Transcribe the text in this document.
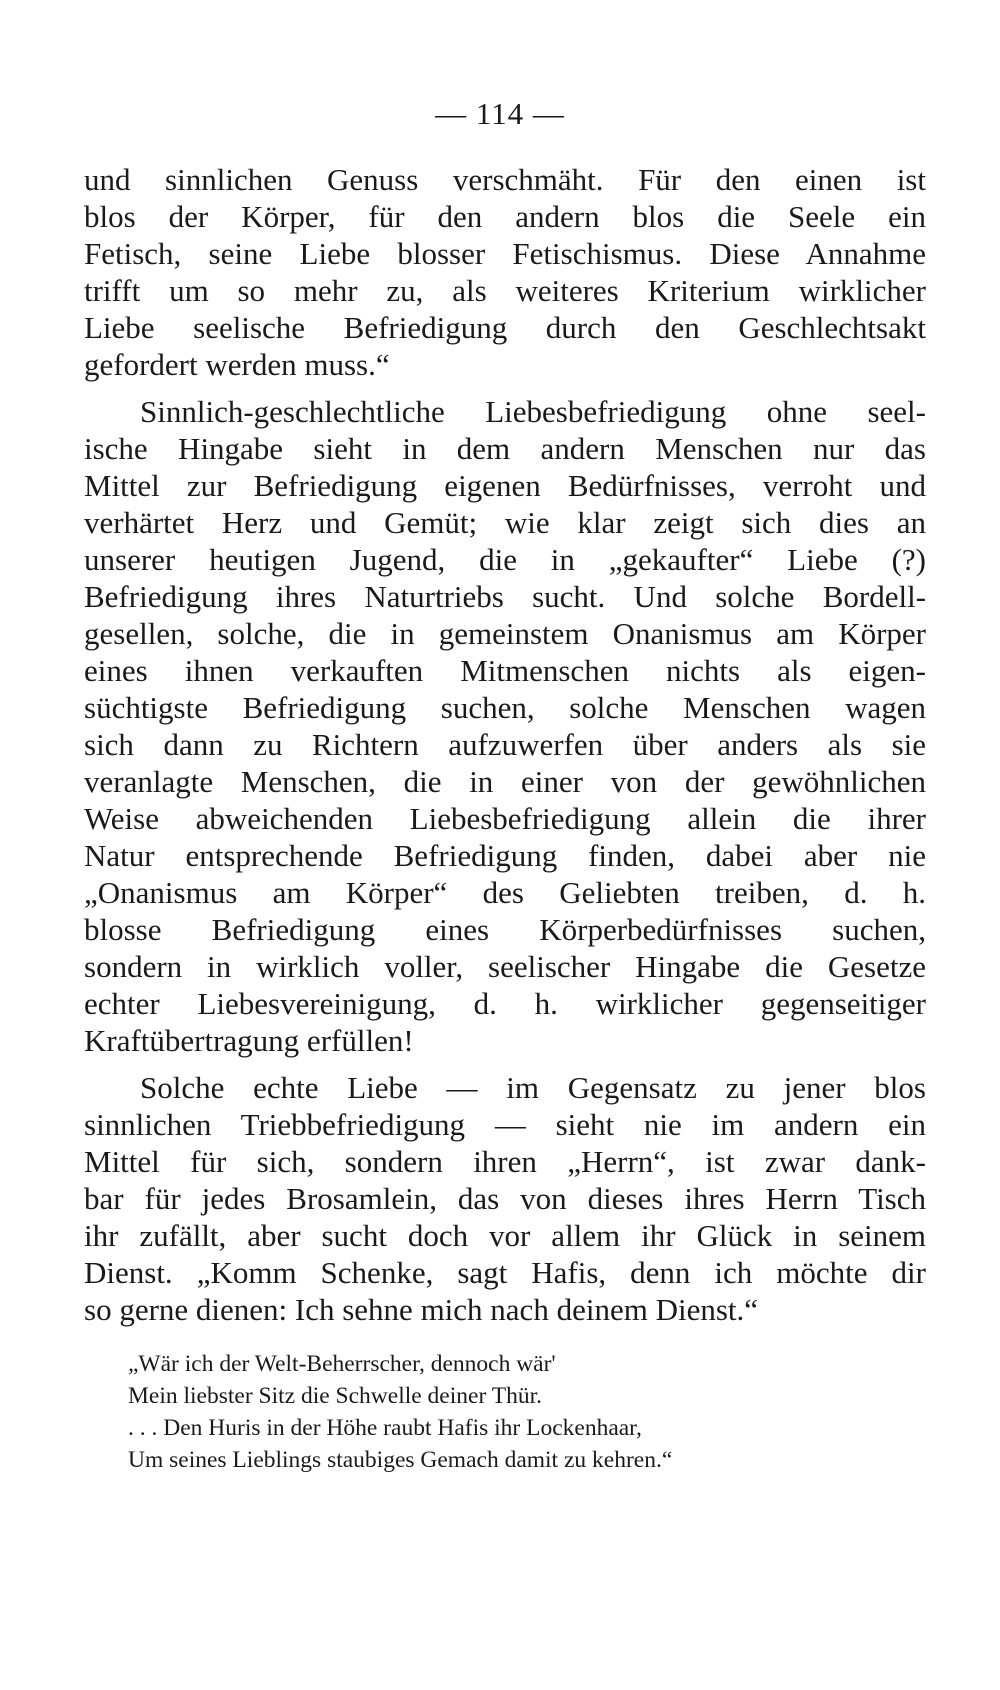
— 114 —
und sinnlichen Genuss verschmäht. Für den einen ist
blos der Körper, für den andern blos die Seele ein
Fetisch, seine Liebe blosser Fetischismus. Diese Annahme
trifft um so mehr zu, als weiteres Kriterium wirklicher
Liebe seelische Befriedigung durch den Geschlechtsakt
gefordert werden muss.“
Sinnlich-geschlechtliche Liebesbefriedigung ohne seel-
ische Hingabe sieht in dem andern Menschen nur das
Mittel zur Befriedigung eigenen Bedürfnisses, verroht und
verhärtet Herz und Gemüt; wie klar zeigt sich dies an
unserer heutigen Jugend, die in „gekaufter“ Liebe (?)
Befriedigung ihres Naturtriebs sucht. Und solche Bordell-
gesellen, solche, die in gemeinstem Onanismus am Körper
eines ihnen verkauften Mitmenschen nichts als eigen-
süchtigste Befriedigung suchen, solche Menschen wagen
sich dann zu Richtern aufzuwerfen über anders als sie
veranlagte Menschen, die in einer von der gewöhnlichen
Weise abweichenden Liebesbefriedigung allein die ihrer
Natur entsprechende Befriedigung finden, dabei aber nie
„Onanismus am Körper“ des Geliebten treiben, d. h.
blosse Befriedigung eines Körperbedürfnisses suchen,
sondern in wirklich voller, seelischer Hingabe die Gesetze
echter Liebesvereinigung, d. h. wirklicher gegenseitiger
Kraftübertragung erfüllen!
Solche echte Liebe — im Gegensatz zu jener blos
sinnlichen Triebbefriedigung — sieht nie im andern ein
Mittel für sich, sondern ihren „Herrn“, ist zwar dank-
bar für jedes Brosamlein, das von dieses ihres Herrn Tisch
ihr zufällt, aber sucht doch vor allem ihr Glück in seinem
Dienst. „Komm Schenke, sagt Hafis, denn ich möchte dir
so gerne dienen: Ich sehne mich nach deinem Dienst.“
„Wär ich der Welt-Beherrscher, dennoch wär'
Mein liebster Sitz die Schwelle deiner Thür.
. . . Den Huris in der Höhe raubt Hafis ihr Lockenhaar,
Um seines Lieblings staubiges Gemach damit zu kehren.“
